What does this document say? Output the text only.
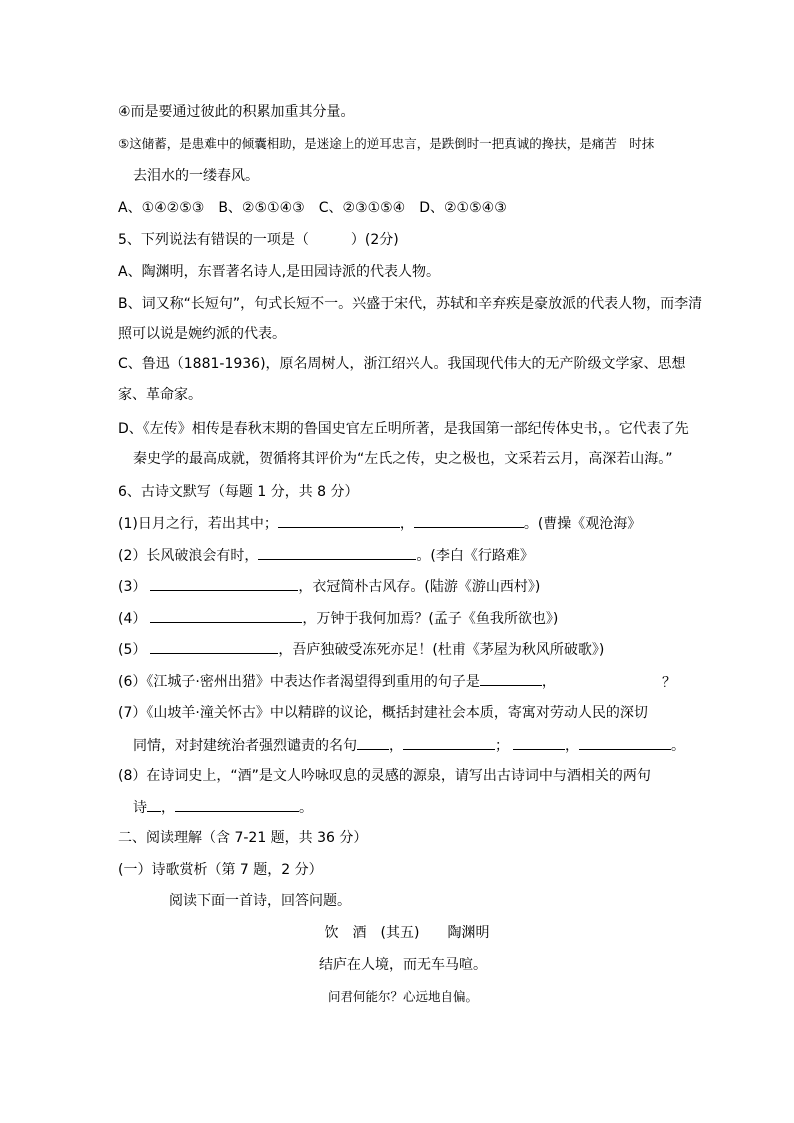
④而是要通过彼此的积累加重其分量。
⑤这储蓄，是患难中的倾囊相助，是迷途上的逆耳忠言，是跌倒时一把真诚的搀扶，是痛苦　时抹
去泪水的一缕春风。
A、①④②⑤③　B、②⑤①④③　C、②③①⑤④　D、②①⑤④③
5、下列说法有错误的一项是（　　　）(2分)
A、陶渊明，东晋著名诗人,是田园诗派的代表人物。
B、词又称“长短句”，句式长短不一。兴盛于宋代，苏轼和辛弃疾是豪放派的代表人物，而李清
照可以说是婉约派的代表。
C、鲁迅（1881-1936)，原名周树人，浙江绍兴人。我国现代伟大的无产阶级文学家、思想
家、革命家。
D、《左传》相传是春秋末期的鲁国史官左丘明所著，是我国第一部纪传体史书，。它代表了先
秦史学的最高成就，贺循将其评价为“左氏之传，史之极也，文采若云月，高深若山海。”
6、古诗文默写（每题 1 分，共 8 分）
(1)日月之行，若出其中；	，	。(曹操《观沧海》
(2）长风破浪会有时，	。(李白《行路难》
(3）	，衣冠简朴古风存。(陆游《游山西村》)
(4）	，万钟于我何加焉？(孟子《鱼我所欲也》)
(5）	，吾庐独破受冻死亦足！(杜甫《茅屋为秋风所破歌》)
(6）《江城子·密州出猎》中表达作者渴望得到重用的句子是	，	？
(7）《山坡羊·潼关怀古》中以精辟的议论，概括封建社会本质，寄寓对劳动人民的深切
同情，对封建统治者强烈谴责的名句 ，	；	，	。
(8）在诗词史上，“酒”是文人吟咏叹息的灵感的源泉，请写出古诗词中与酒相关的两句
诗 ，	。
二、阅读理解（含 7-21 题，共 36 分）
(一）诗歌赏析（第 7 题，2 分）
阅读下面一首诗，回答问题。
饮　酒　(其五)　　陶渊明
结庐在人境，而无车马喧。
问君何能尔？心远地自偏。
